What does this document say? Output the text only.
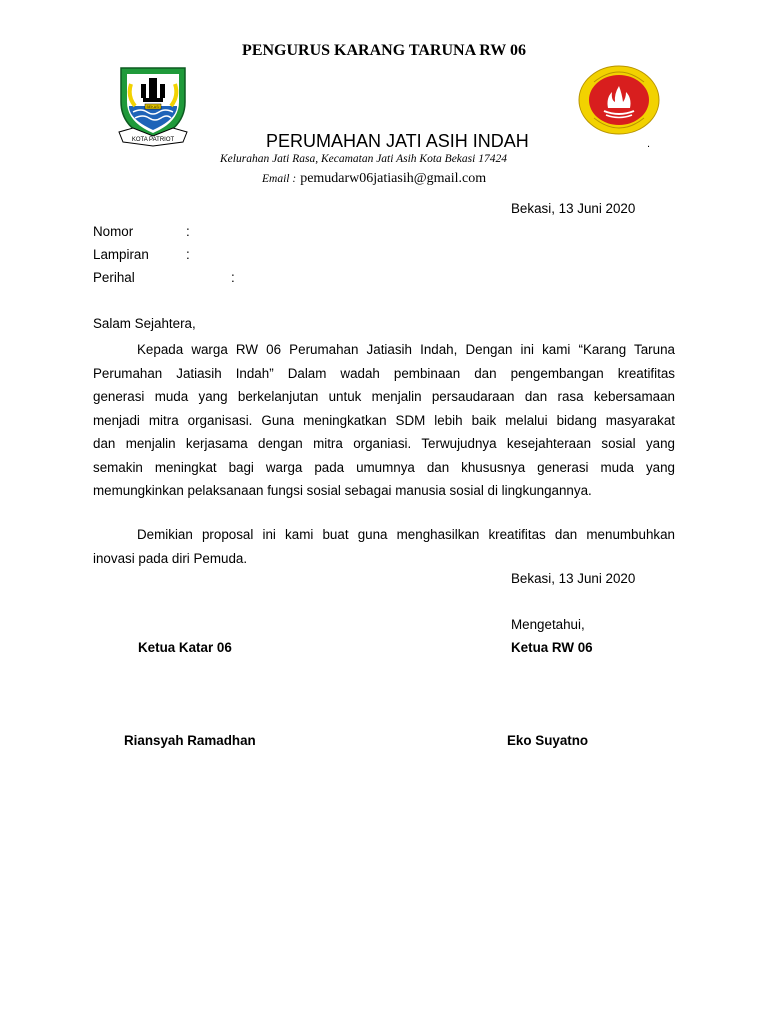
PENGURUS KARANG TARUNA RW 06
BEKASI
KOTA PATRIOT	PERUMAHAN JATI ASIH INDAH	.
Kelurahan Jati Rasa, Kecamatan Jati Asih Kota Bekasi 17424
Email : pemudarw06jatiasih@gmail.com
Bekasi, 13 Juni 2020
Nomor	:
Lampiran	:
Perihal	:
Salam Sejahtera,
Kepada warga RW 06 Perumahan Jatiasih Indah, Dengan ini kami “Karang Taruna
Perumahan Jatiasih Indah” Dalam wadah pembinaan dan pengembangan kreatifitas
generasi muda yang berkelanjutan untuk menjalin persaudaraan dan rasa kebersamaan
menjadi mitra organisasi. Guna meningkatkan SDM lebih baik melalui bidang masyarakat
dan menjalin kerjasama dengan mitra organiasi. Terwujudnya kesejahteraan sosial yang
semakin meningkat bagi warga pada umumnya dan khususnya generasi muda yang
memungkinkan pelaksanaan fungsi sosial sebagai manusia sosial di lingkungannya.
Demikian proposal ini kami buat guna menghasilkan kreatifitas dan menumbuhkan
inovasi pada diri Pemuda.
Bekasi, 13 Juni 2020
Mengetahui,
Ketua Katar 06	Ketua RW 06
Riansyah Ramadhan	Eko Suyatno
